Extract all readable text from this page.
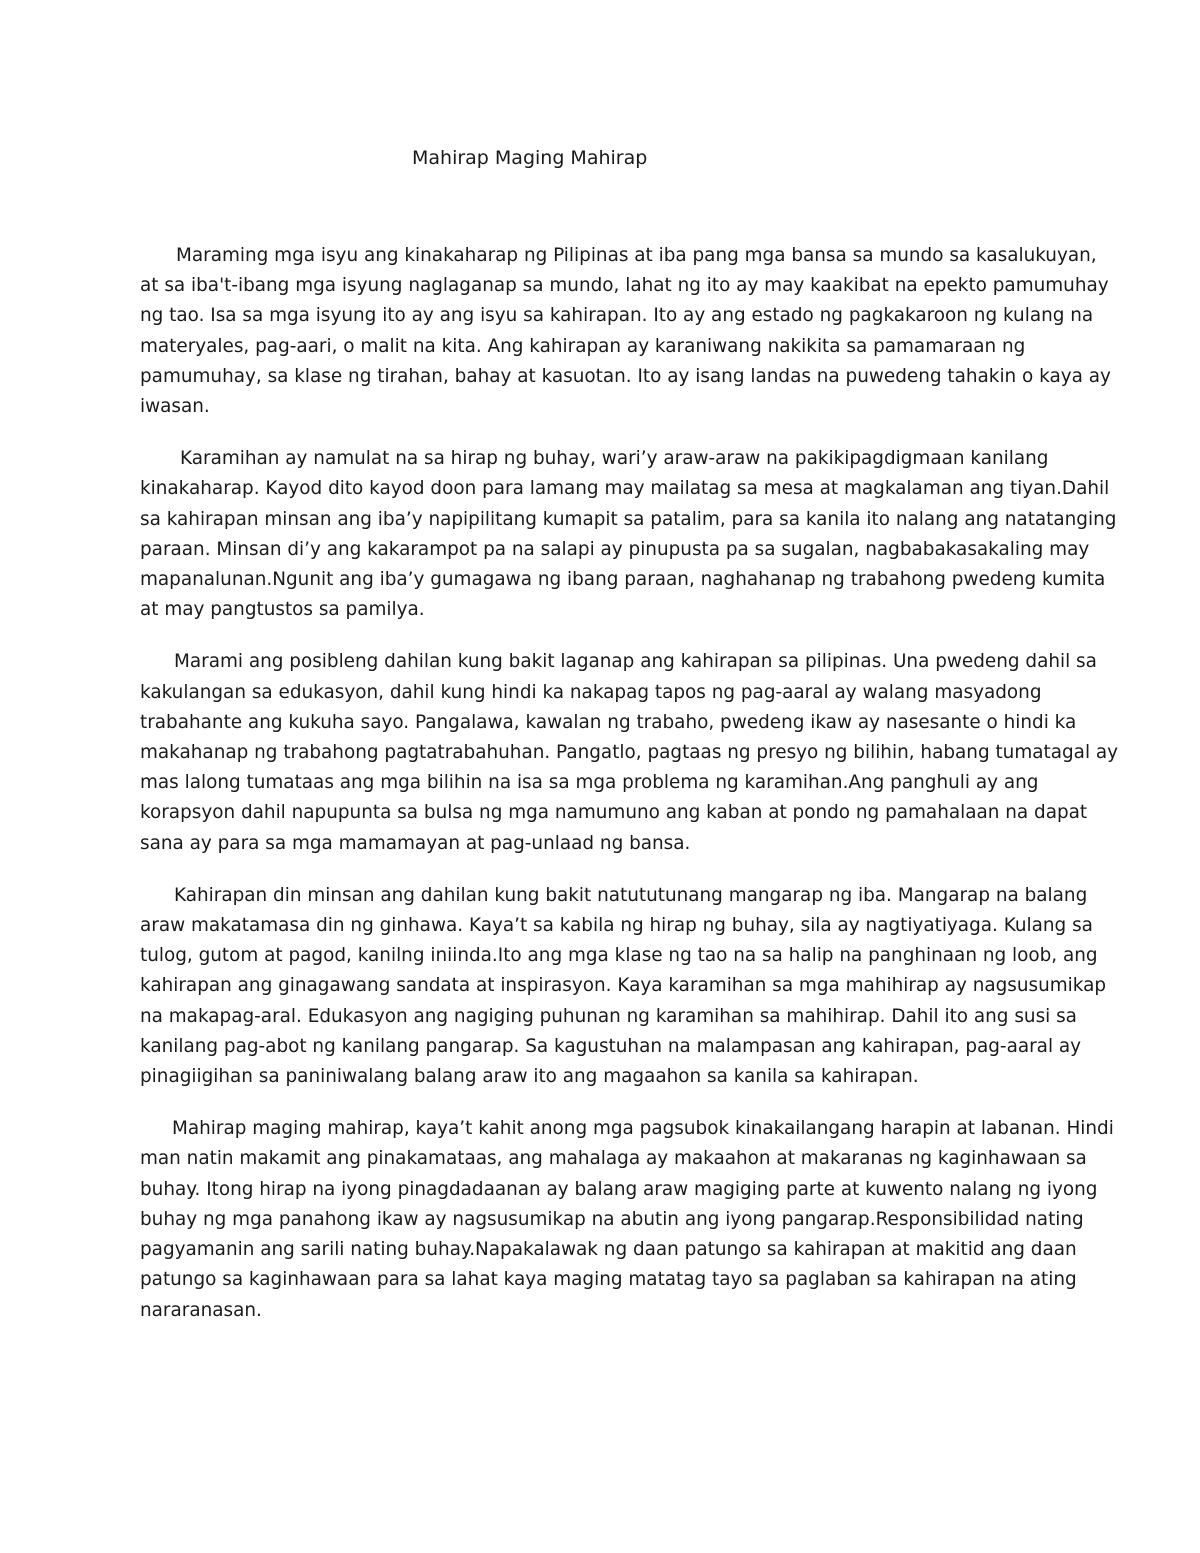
Mahirap Maging Mahirap

Maraming mga isyu ang kinakaharap ng Pilipinas at iba pang mga bansa sa mundo sa kasalukuyan,
at sa iba't-ibang mga isyung naglaganap sa mundo, lahat ng ito ay may kaakibat na epekto pamumuhay
ng tao. Isa sa mga isyung ito ay ang isyu sa kahirapan. Ito ay ang estado ng pagkakaroon ng kulang na
materyales, pag-aari, o malit na kita. Ang kahirapan ay karaniwang nakikita sa pamamaraan ng
pamumuhay, sa klase ng tirahan, bahay at kasuotan. Ito ay isang landas na puwedeng tahakin o kaya ay
iwasan.

Karamihan ay namulat na sa hirap ng buhay, wari’y araw-araw na pakikipagdigmaan kanilang
kinakaharap. Kayod dito kayod doon para lamang may mailatag sa mesa at magkalaman ang tiyan.Dahil
sa kahirapan minsan ang iba’y napipilitang kumapit sa patalim, para sa kanila ito nalang ang natatanging
paraan. Minsan di’y ang kakarampot pa na salapi ay pinupusta pa sa sugalan, nagbabakasakaling may
mapanalunan.Ngunit ang iba’y gumagawa ng ibang paraan, naghahanap ng trabahong pwedeng kumita
at may pangtustos sa pamilya.

Marami ang posibleng dahilan kung bakit laganap ang kahirapan sa pilipinas. Una pwedeng dahil sa
kakulangan sa edukasyon, dahil kung hindi ka nakapag tapos ng pag-aaral ay walang masyadong
trabahante ang kukuha sayo. Pangalawa, kawalan ng trabaho, pwedeng ikaw ay nasesante o hindi ka
makahanap ng trabahong pagtatrabahuhan. Pangatlo, pagtaas ng presyo ng bilihin, habang tumatagal ay
mas lalong tumataas ang mga bilihin na isa sa mga problema ng karamihan.Ang panghuli ay ang
korapsyon dahil napupunta sa bulsa ng mga namumuno ang kaban at pondo ng pamahalaan na dapat
sana ay para sa mga mamamayan at pag-unlaad ng bansa.

Kahirapan din minsan ang dahilan kung bakit natututunang mangarap ng iba. Mangarap na balang
araw makatamasa din ng ginhawa. Kaya’t sa kabila ng hirap ng buhay, sila ay nagtiyatiyaga. Kulang sa
tulog, gutom at pagod, kanilng iniinda.Ito ang mga klase ng tao na sa halip na panghinaan ng loob, ang
kahirapan ang ginagawang sandata at inspirasyon. Kaya karamihan sa mga mahihirap ay nagsusumikap
na makapag-aral. Edukasyon ang nagiging puhunan ng karamihan sa mahihirap. Dahil ito ang susi sa
kanilang pag-abot ng kanilang pangarap. Sa kagustuhan na malampasan ang kahirapan, pag-aaral ay
pinagiigihan sa paniniwalang balang araw ito ang magaahon sa kanila sa kahirapan.

Mahirap maging mahirap, kaya’t kahit anong mga pagsubok kinakailangang harapin at labanan. Hindi
man natin makamit ang pinakamataas, ang mahalaga ay makaahon at makaranas ng kaginhawaan sa
buhay. Itong hirap na iyong pinagdadaanan ay balang araw magiging parte at kuwento nalang ng iyong
buhay ng mga panahong ikaw ay nagsusumikap na abutin ang iyong pangarap.Responsibilidad nating
pagyamanin ang sarili nating buhay.Napakalawak ng daan patungo sa kahirapan at makitid ang daan
patungo sa kaginhawaan para sa lahat kaya maging matatag tayo sa paglaban sa kahirapan na ating
nararanasan.
